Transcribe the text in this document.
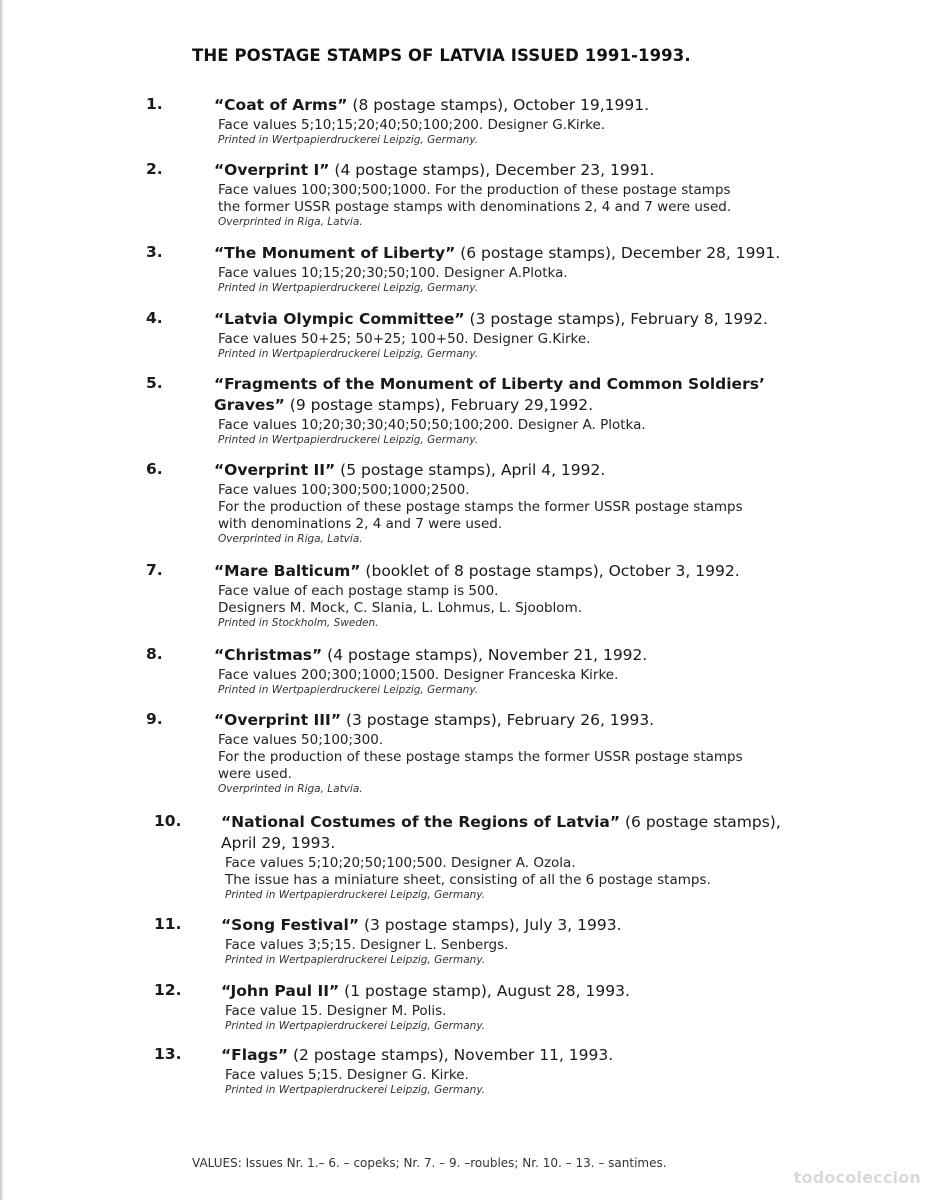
THE POSTAGE STAMPS OF LATVIA ISSUED 1991-1993.
1.	“Coat of Arms” (8 postage stamps), October 19,1991.
Face values 5;10;15;20;40;50;100;200. Designer G.Kirke.
Printed in Wertpapierdruckerei Leipzig, Germany.
2.	“Overprint I” (4 postage stamps), December 23, 1991.
Face values 100;300;500;1000. For the production of these postage stamps
the former USSR postage stamps with denominations 2, 4 and 7 were used.
Overprinted in Riga, Latvia.
3.	“The Monument of Liberty” (6 postage stamps), December 28, 1991.
Face values 10;15;20;30;50;100. Designer A.Plotka.
Printed in Wertpapierdruckerei Leipzig, Germany.
4.	“Latvia Olympic Committee” (3 postage stamps), February 8, 1992.
Face values 50+25; 50+25; 100+50. Designer G.Kirke.
Printed in Wertpapierdruckerei Leipzig, Germany.
5.	“Fragments of the Monument of Liberty and Common Soldiers’
Graves” (9 postage stamps), February 29,1992.
Face values 10;20;30;30;40;50;50;100;200. Designer A. Plotka.
Printed in Wertpapierdruckerei Leipzig, Germany.
6.	“Overprint II” (5 postage stamps), April 4, 1992.
Face values 100;300;500;1000;2500.
For the production of these postage stamps the former USSR postage stamps
with denominations 2, 4 and 7 were used.
Overprinted in Riga, Latvia.
7.	“Mare Balticum” (booklet of 8 postage stamps), October 3, 1992.
Face value of each postage stamp is 500.
Designers M. Mock, C. Slania, L. Lohmus, L. Sjooblom.
Printed in Stockholm, Sweden.
8.	“Christmas” (4 postage stamps), November 21, 1992.
Face values 200;300;1000;1500. Designer Franceska Kirke.
Printed in Wertpapierdruckerei Leipzig, Germany.
9.	“Overprint III” (3 postage stamps), February 26, 1993.
Face values 50;100;300.
For the production of these postage stamps the former USSR postage stamps
were used.
Overprinted in Riga, Latvia.
10.	“National Costumes of the Regions of Latvia” (6 postage stamps),
April 29, 1993.
Face values 5;10;20;50;100;500. Designer A. Ozola.
The issue has a miniature sheet, consisting of all the 6 postage stamps.
Printed in Wertpapierdruckerei Leipzig, Germany.
11.	“Song Festival” (3 postage stamps), July 3, 1993.
Face values 3;5;15. Designer L. Senbergs.
Printed in Wertpapierdruckerei Leipzig, Germany.
12.	“John Paul II” (1 postage stamp), August 28, 1993.
Face value 15. Designer M. Polis.
Printed in Wertpapierdruckerei Leipzig, Germany.
13.	“Flags” (2 postage stamps), November 11, 1993.
Face values 5;15. Designer G. Kirke.
Printed in Wertpapierdruckerei Leipzig, Germany.
VALUES: Issues Nr. 1.– 6. – copeks; Nr. 7. – 9. –roubles; Nr. 10. – 13. – santimes.
todocoleccion
